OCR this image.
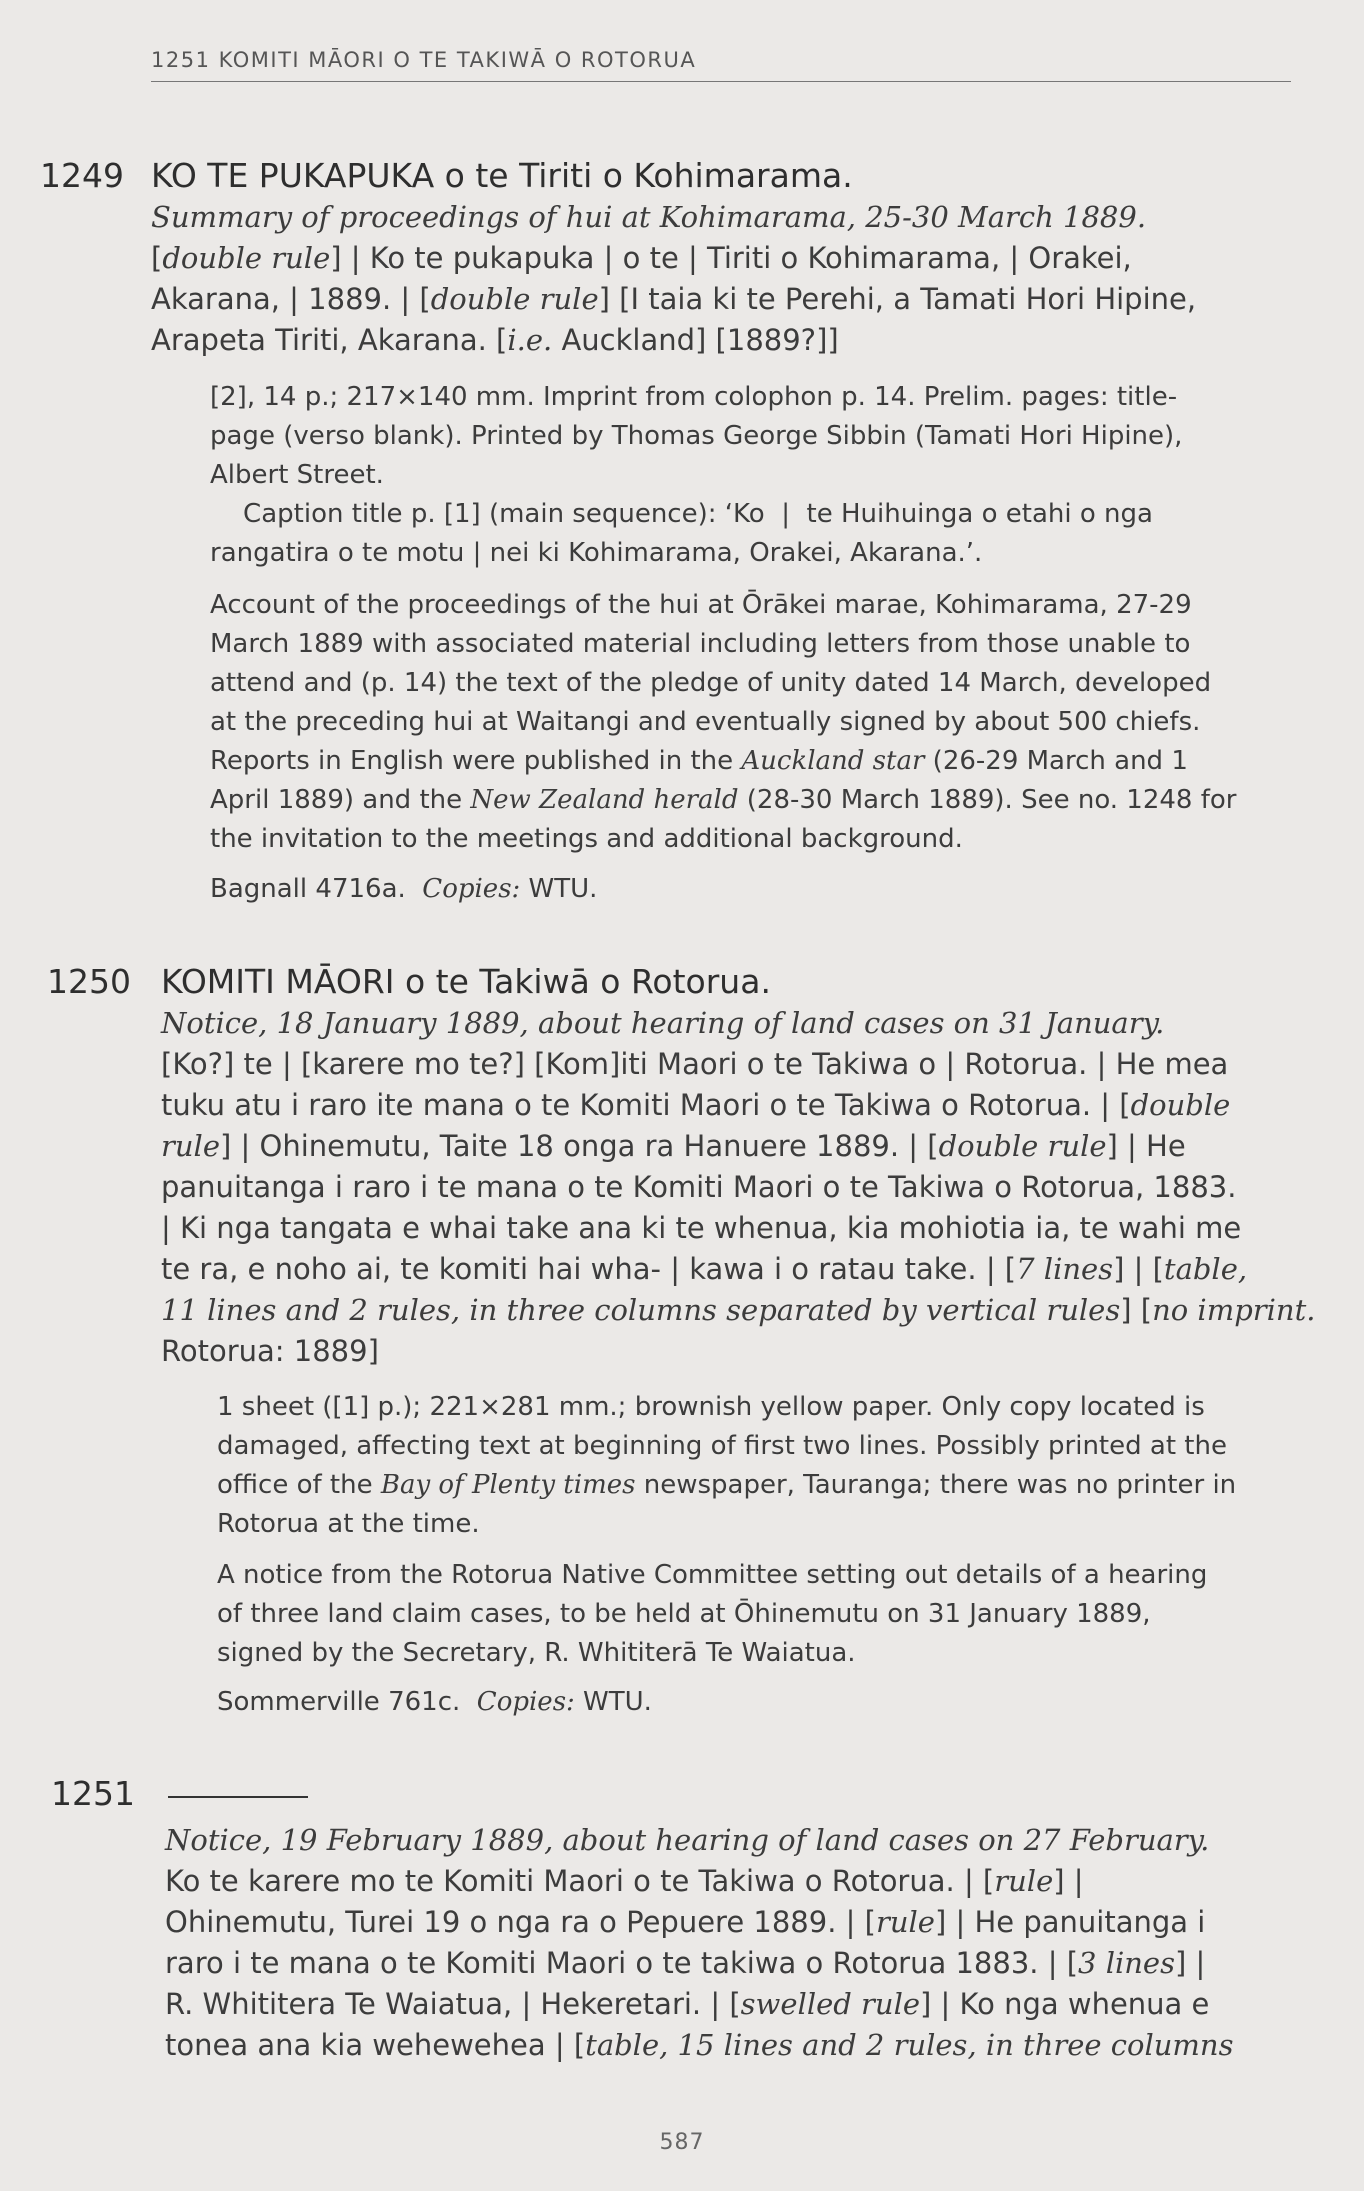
1251 KOMITI MĀORI O TE TAKIWĀ O ROTORUA
1249 KO TE PUKAPUKA o te Tiriti o Kohimarama.
Summary of proceedings of hui at Kohimarama, 25-30 March 1889.
[double rule] | Ko te pukapuka | o te | Tiriti o Kohimarama, | Orakei,
Akarana, | 1889. | [double rule] [I taia ki te Perehi, a Tamati Hori Hipine,
Arapeta Tiriti, Akarana. [i.e. Auckland] [1889?]]
[2], 14 p.; 217×140 mm. Imprint from colophon p. 14. Prelim. pages: title-
page (verso blank). Printed by Thomas George Sibbin (Tamati Hori Hipine),
Albert Street.
Caption title p. [1] (main sequence): ‘Ko  |  te Huihuinga o etahi o nga
rangatira o te motu | nei ki Kohimarama, Orakei, Akarana.’.
Account of the proceedings of the hui at Ōrākei marae, Kohimarama, 27-29
March 1889 with associated material including letters from those unable to
attend and (p. 14) the text of the pledge of unity dated 14 March, developed
at the preceding hui at Waitangi and eventually signed by about 500 chiefs.
Reports in English were published in the Auckland star (26-29 March and 1
April 1889) and the New Zealand herald (28-30 March 1889). See no. 1248 for
the invitation to the meetings and additional background.
Bagnall 4716a.  Copies: WTU.
1250 KOMITI MĀORI o te Takiwā o Rotorua.
Notice, 18 January 1889, about hearing of land cases on 31 January.
[Ko?] te | [karere mo te?] [Kom]iti Maori o te Takiwa o | Rotorua. | He mea
tuku atu i raro ite mana o te Komiti Maori o te Takiwa o Rotorua. | [double
rule] | Ohinemutu, Taite 18 onga ra Hanuere 1889. | [double rule] | He
panuitanga i raro i te mana o te Komiti Maori o te Takiwa o Rotorua, 1883.
| Ki nga tangata e whai take ana ki te whenua, kia mohiotia ia, te wahi me
te ra, e noho ai, te komiti hai wha- | kawa i o ratau take. | [7 lines] | [table,
11 lines and 2 rules, in three columns separated by vertical rules] [no imprint.
Rotorua: 1889]
1 sheet ([1] p.); 221×281 mm.; brownish yellow paper. Only copy located is
damaged, affecting text at beginning of first two lines. Possibly printed at the
office of the Bay of Plenty times newspaper, Tauranga; there was no printer in
Rotorua at the time.
A notice from the Rotorua Native Committee setting out details of a hearing
of three land claim cases, to be held at Ōhinemutu on 31 January 1889,
signed by the Secretary, R. Whititerā Te Waiatua.
Sommerville 761c.  Copies: WTU.
1251
Notice, 19 February 1889, about hearing of land cases on 27 February.
Ko te karere mo te Komiti Maori o te Takiwa o Rotorua. | [rule] |
Ohinemutu, Turei 19 o nga ra o Pepuere 1889. | [rule] | He panuitanga i
raro i te mana o te Komiti Maori o te takiwa o Rotorua 1883. | [3 lines] |
R. Whititera Te Waiatua, | Hekeretari. | [swelled rule] | Ko nga whenua e
tonea ana kia wehewehea | [table, 15 lines and 2 rules, in three columns
587
